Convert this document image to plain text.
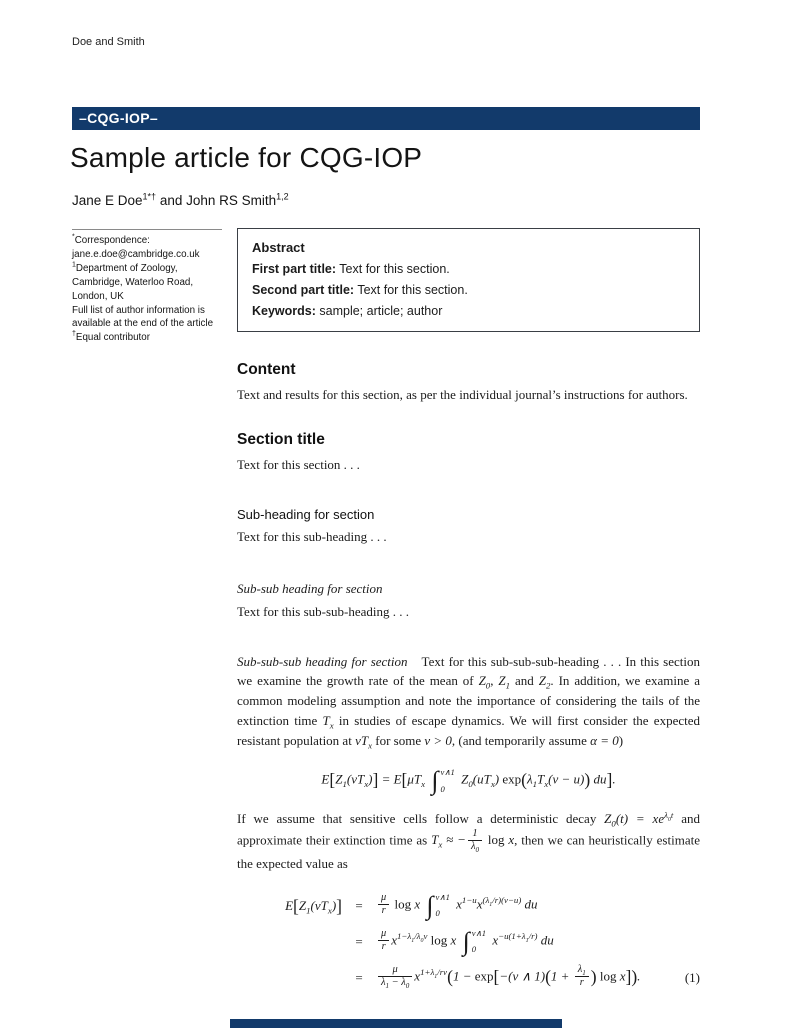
Doe and Smith
–CQG-IOP–
Sample article for CQG-IOP
Jane E Doe$^{1*\dagger}$ and John RS Smith$^{1,2}$
*Correspondence:
jane.e.doe@cambridge.co.uk
$^1$Department of Zoology,
Cambridge, Waterloo Road,
London, UK
Full list of author information is
available at the end of the article
†Equal contributor
Abstract
First part title: Text for this section.
Second part title: Text for this section.
Keywords: sample; article; author
Content

Text and results for this section, as per the individual journal’s instructions for authors.

Section title

Text for this section . . .

Sub-heading for section

Text for this sub-heading . . .

Sub-sub heading for section

Text for this sub-sub-heading . . .

Sub-sub-sub heading for section Text for this sub-sub-sub-heading . . . In this section we examine the growth rate of the mean of $Z_0$, $Z_1$ and $Z_2$. In addition, we examine a common modeling assumption and note the importance of considering the tails of the extinction time $T_x$ in studies of escape dynamics. We will first consider the expected resistant population at $vT_x$ for some v > 0, (and temporarily assume α = 0)

$E[Z_1(vT_x)] = E[\mu T_x$ ∫ v∧1
0
$Z_0(uT_x) \exp(\lambda_1T_x(v - u))$ du].

If we assume that sensitive cells follow a deterministic decay $Z_0(t) = xe^{\lambda_0t}$ and approximate their extinction time as $T_x$ ≈ − $\frac{1}{\lambda_0}$ log x, then we can heuristically estimate the expected value as

$E[Z_1(vT_x)]$	=	$\frac{\mu}{r}$ log x ∫ v∧1
0
$x^{1-u}x^{(\lambda_1/r)(v-u)}$ du
=	$\frac{\mu}{r} x^{1-\lambda_1/\lambda_0v}$ log x ∫ v∧1
0
$x^{-u(1+\lambda_1/r)}$ du
=	$\frac{\mu}{\lambda_1 - \lambda_0} x^{1+\lambda_1/rv}(1 - \exp[-(v$ ∧ $1)(1 + \frac{\lambda_1}{r}$ ) log x]).	(1)
